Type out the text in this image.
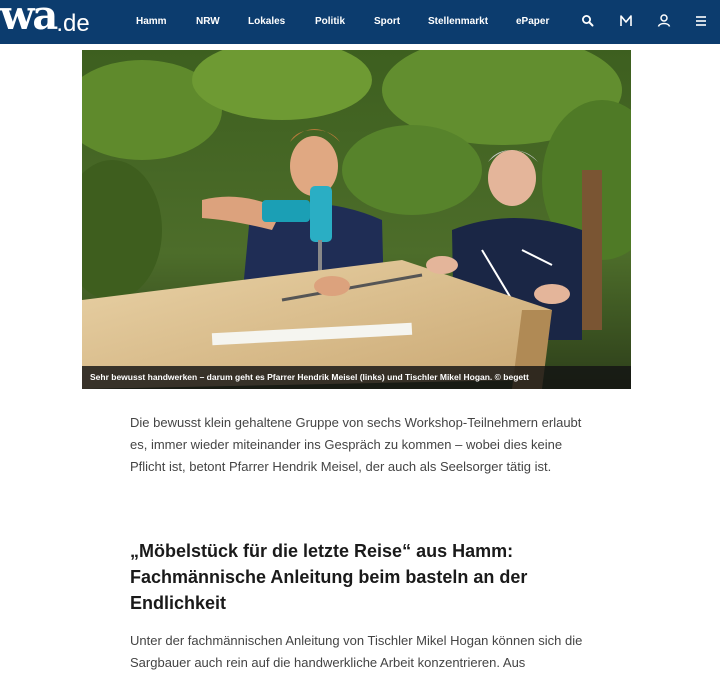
wa.de	Hamm	NRW	Lokales	Politik	Sport	Stellenmarkt	ePaper
Sehr bewusst handwerken – darum geht es Pfarrer Hendrik Meisel (links) und Tischler Mikel Hogan. © begett

Die bewusst klein gehaltene Gruppe von sechs Workshop-Teilnehmern erlaubt es, immer wieder miteinander ins Gespräch zu kommen – wobei dies keine Pflicht ist, betont Pfarrer Hendrik Meisel, der auch als Seelsorger tätig ist.

„Möbelstück für die letzte Reise“ aus Hamm: Fachmännische Anleitung beim basteln an der Endlichkeit

Unter der fachmännischen Anleitung von Tischler Mikel Hogan können sich die Sargbauer auch rein auf die handwerkliche Arbeit konzentrieren. Aus
